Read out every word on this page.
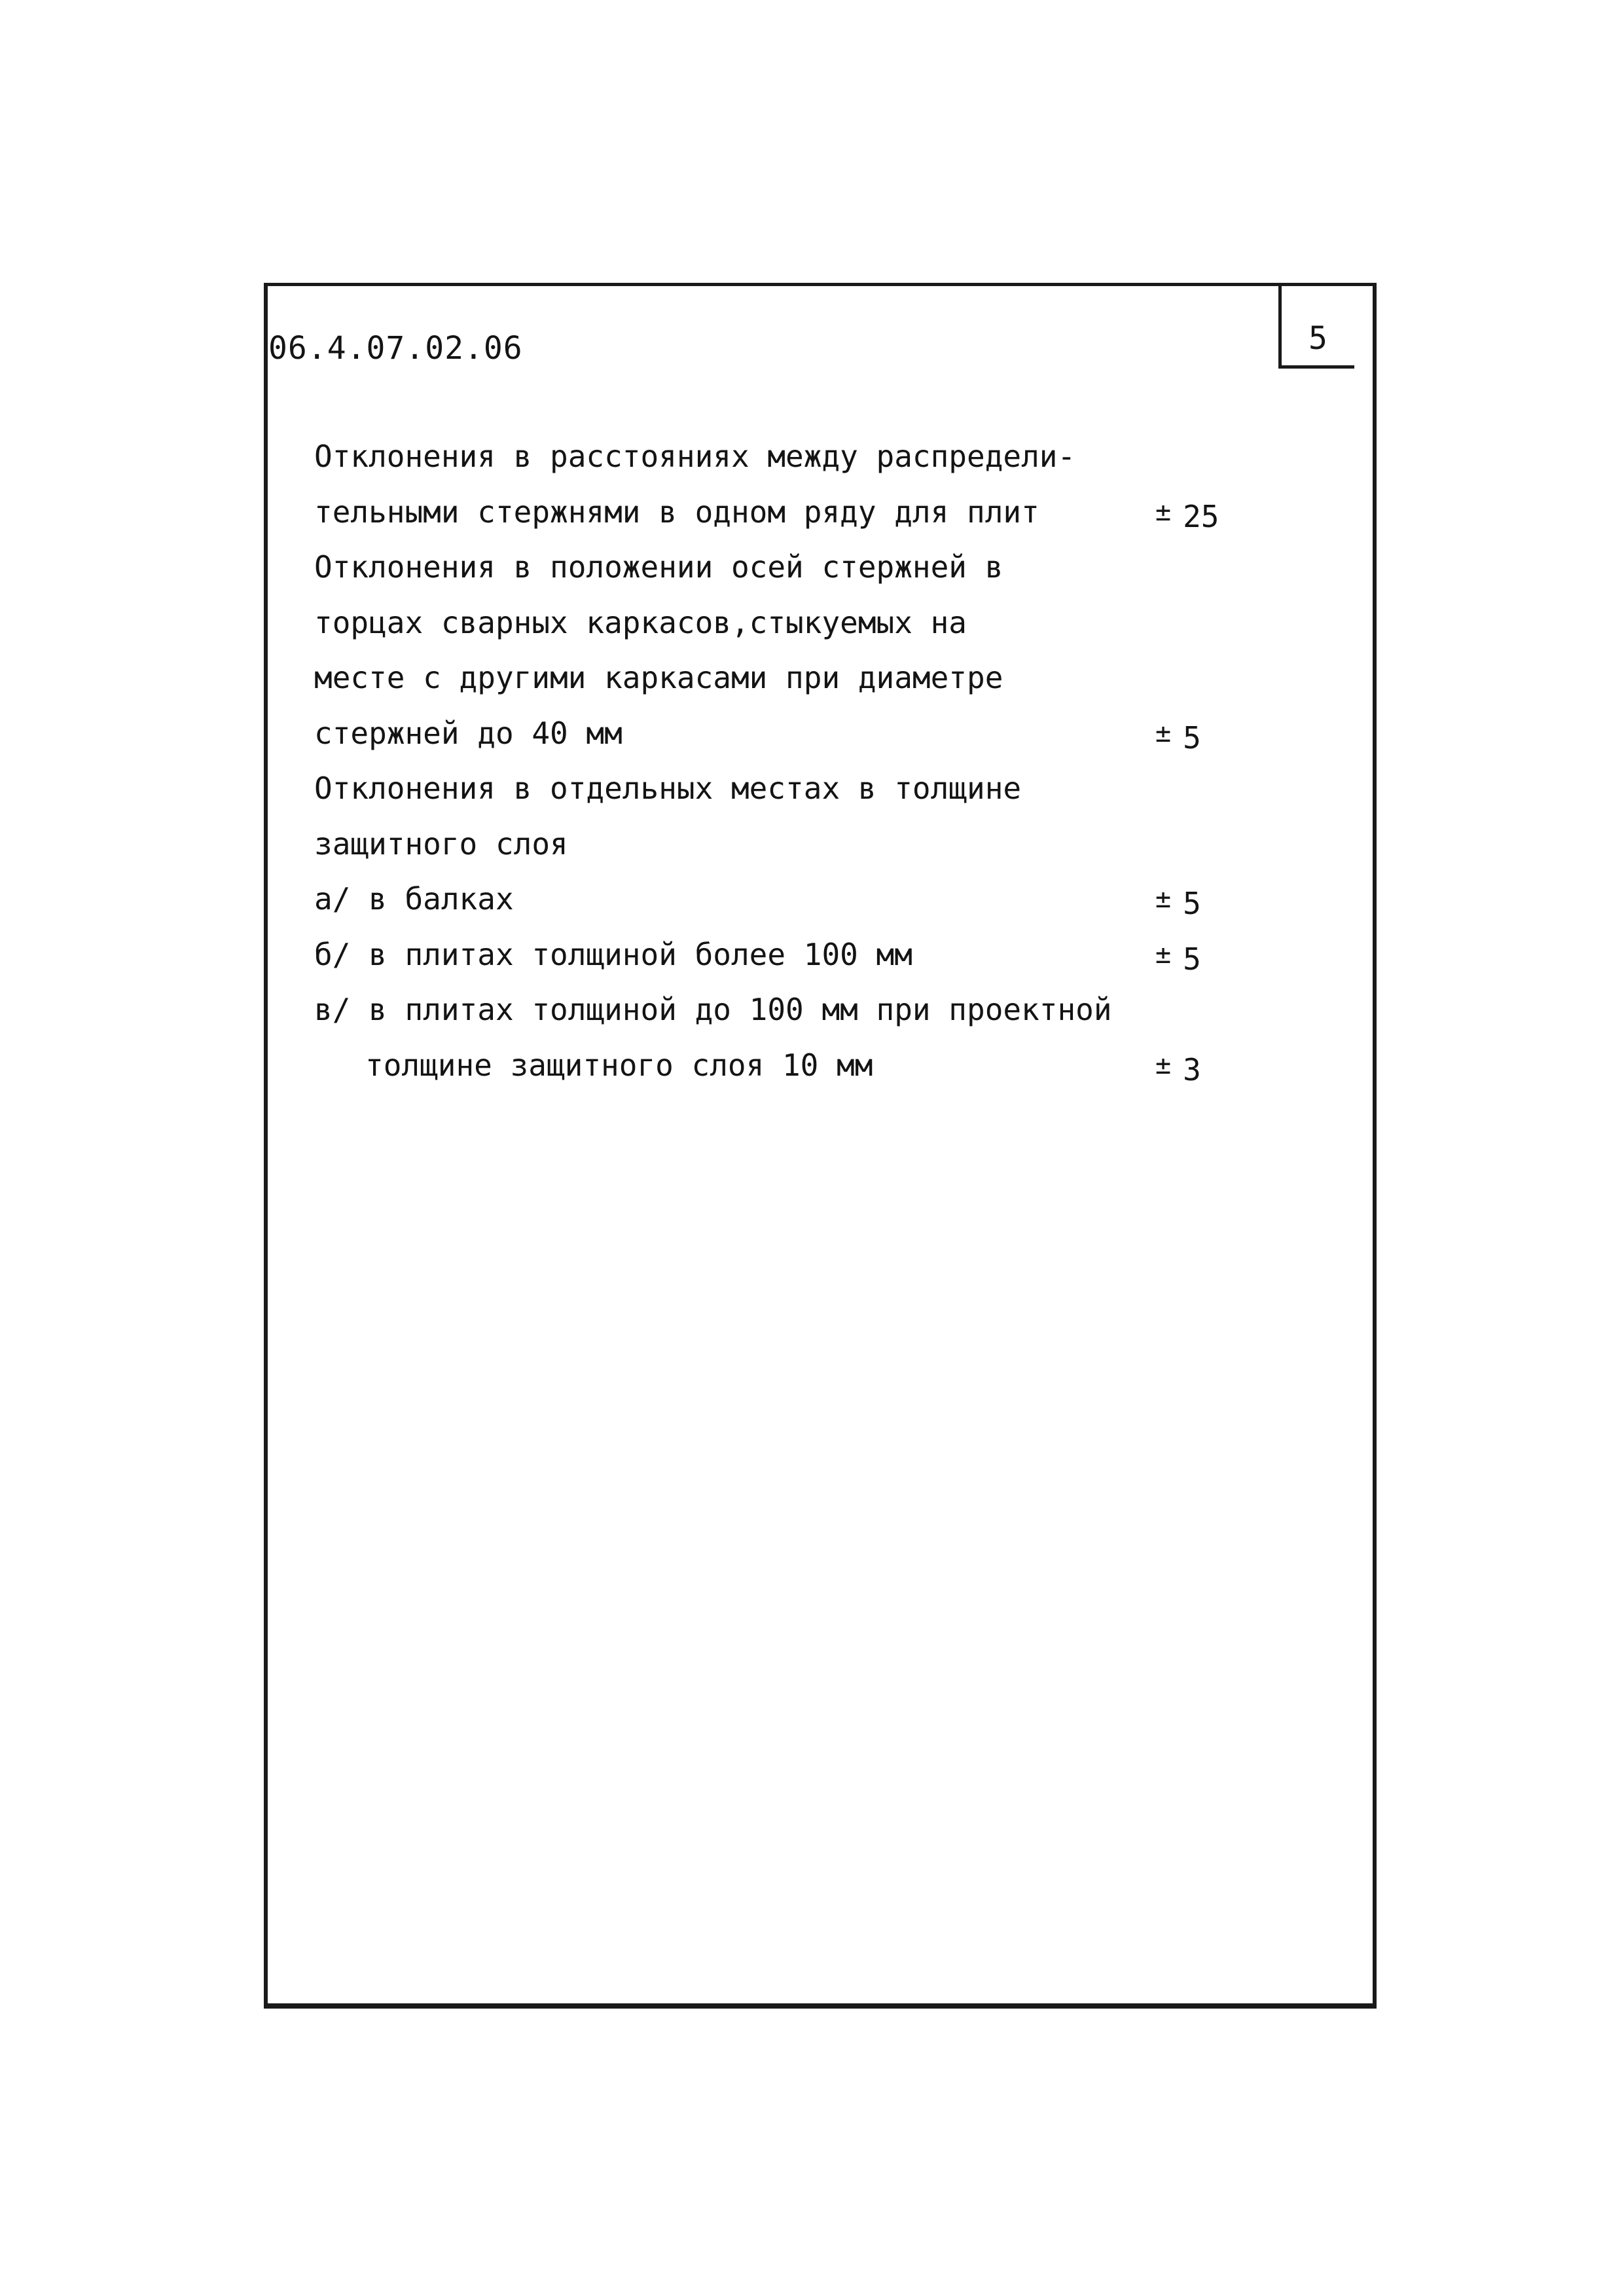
06.4.07.02.06	5
Отклонения в расстояниях между распредели-
тельными стержнями в одном ряду для плит	± 25
Отклонения в положении осей стержней в
торцах сварных каркасов,стыкуемых на
месте с другими каркасами при диаметре
стержней до 40 мм	± 5
Отклонения в отдельных местах в толщине
защитного слоя
а/ в балках	± 5
б/ в плитах толщиной более 100 мм	± 5
в/ в плитах толщиной до 100 мм при проектной
толщине защитного слоя 10 мм	± 3
